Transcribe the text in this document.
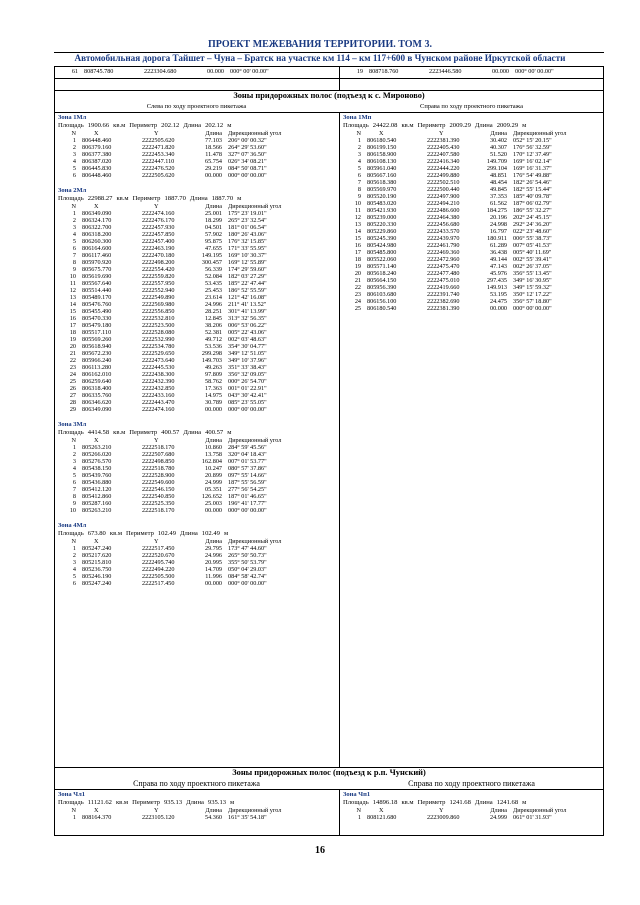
ПРОЕКТ МЕЖЕВАНИЯ ТЕРРИТОРИИ. ТОМ 3.
Автомобильная дорога Тайшет – Чуна – Братск на участке км 114 – км 117+600 в Чунском районе Иркутской области
61 808745.780	2223304.680	00.000 000° 00' 00.00"	19 808718.760	2223446.580	00.000 000° 00' 00.00"
Зоны придорожных полос (подъезд к с. Мироново)
Слева по ходу проектного пикетажа	Справа по ходу проектного пикетажа
Зона 1Мл
Площадь 1900.66 кв.м Периметр 202.12 Длина 202.12 м
N	X	Y	Длина Дирекционный угол
1 806448.460	2222505.620	77.103 206° 00' 00.32"
2 806379.160	2222471.820	18.566 264° 29' 53.60"
3 806377.380	2222453.340	11.478 327° 07' 36.50"
4 806387.020	2222447.110	65.754 026° 34' 08.21"
5 806445.830	2222476.520	29.219 084° 50' 08.71"
6 806448.460	2222505.620	00.000 000° 00' 00.00"
Зона 2Мл
Площадь 22988.27 кв.м Периметр 1887.70 Длина 1887.70 м
N	X	Y	Длина Дирекционный угол
1 806349.090	2222474.160	25.001 175° 23' 19.01"
2 806324.170	2222476.170	18.299 265° 23' 32.54"
3 806322.700	2222457.930	04.501 181° 01' 06.54"
4 806318.200	2222457.850	57.902 180° 26' 43.06"
5 806260.300	2222457.400	95.875 176° 32' 15.85"
6 806164.600	2222463.190	47.655 171° 33' 55.95"
7 806117.460	2222470.180	149.195 169° 10' 30.37"
8 805970.920	2222498.200	300.457 169° 12' 55.89"
9 805675.770	2222554.420	56.339 174° 29' 59.60"
10 805619.690	2222559.820	52.084 182° 03' 27.29"
11 805567.640	2222557.950	53.435 185° 22' 47.44"
12 805514.440	2222552.940	25.453 186° 52' 55.59"
13 805489.170	2222549.890	23.614 121° 42' 16.08"
14 805476.760	2222569.980	24.996 211° 41' 13.52"
15 805455.490	2222556.850	28.251 301° 41' 13.99"
16 805470.330	2222532.810	12.845 313° 32' 56.35"
17 805479.180	2222523.500	38.206 006° 53' 06.22"
18 805517.110	2222528.080	52.381 005° 22' 43.06"
19 805569.260	2222532.990	49.712 002° 03' 48.63"
20 805618.940	2222534.780	53.536 354° 30' 04.77"
21 805672.230	2222529.650	299.298 349° 12' 51.05"
22 805966.240	2222473.640	149.703 349° 10' 37.96"
23 806113.280	2222445.530	49.263 351° 33' 38.43"
24 806162.010	2222438.300	97.809 356° 32' 09.05"
25 806259.640	2222432.390	58.762 000° 26' 54.70"
26 806318.400	2222432.850	17.363 001° 01' 22.91"
27 806335.760	2222433.160	14.975 043° 30' 42.41"
28 806346.620	2222443.470	30.789 085° 23' 55.05"
29 806349.090	2222474.160	00.000 000° 00' 00.00"
Зона 3Мл
Площадь 4414.58 кв.м Периметр 400.57 Длина 400.57 м
N	X	Y	Длина Дирекционный угол
1 805263.210	2222518.170	10.860 284° 59' 45.56"
2 805266.020	2222507.680	13.758 320° 04' 18.43"
3 805276.570	2222498.850	162.804 007° 01' 53.77"
4 805438.150	2222518.780	10.247 080° 57' 37.86"
5 805439.760	2222528.900	20.899 097° 55' 14.66"
6 805436.880	2222549.600	24.999 187° 55' 56.59"
7 805412.120	2222546.150	05.351 277° 56' 54.25"
8 805412.860	2222540.850	126.652 187° 01' 46.65"
9 805287.160	2222525.350	25.003 196° 41' 17.77"
10 805263.210	2222518.170	00.000 000° 00' 00.00"
Зона 4Мл
Площадь 673.80 кв.м Периметр 102.49 Длина 102.49 м
N	X	Y	Длина Дирекционный угол
1 805247.240	2222517.450	29.795 173° 47' 44.60"
2 805217.620	2222520.670	24.996 265° 50' 50.73"
3 805215.810	2222495.740	20.995 355° 50' 53.79"
4 805236.750	2222494.220	14.709 050° 04' 29.03"
5 805246.190	2222505.500	11.996 084° 58' 42.74"
6 805247.240	2222517.450	00.000 000° 00' 00.00"
Зона 1Мп
Площадь 24422.08 кв.м Периметр 2009.29 Длина 2009.29 м
N	X	Y	Длина Дирекционный угол
1 806180.540	2222381.390	30.402 052° 15' 20.15"
2 806199.150	2222405.430	40.307 176° 56' 32.59"
3 806158.900	2222407.580	51.520 170° 12' 37.49"
4 806108.130	2222416.340	149.709 169° 16' 02.14"
5 805961.040	2222444.220	299.104 169° 16' 31.37"
6 805667.160	2222499.880	48.851 176° 54' 49.88"
7 805618.380	2222502.510	48.454 182° 26' 54.46"
8 805569.970	2222500.440	49.845 182° 55' 15.44"
9 805520.190	2222497.900	37.353 185° 40' 09.78"
10 805483.020	2222494.210	61.562 187° 06' 02.79"
11 805421.930	2222486.600	184.275 186° 55' 32.27"
12 805239.000	2222464.380	20.196 202° 24' 45.15"
13 805220.330	2222456.680	24.998 292° 24' 36.20"
14 805229.860	2222433.570	16.797 022° 23' 48.60"
15 805245.390	2222439.970	180.911 006° 55' 38.73"
16 805424.980	2222461.790	61.289 007° 05' 41.53"
17 805485.800	2222469.360	36.438 005° 40' 11.69"
18 805522.060	2222472.960	49.144 002° 55' 39.41"
19 805571.140	2222475.470	47.143 002° 26' 37.05"
20 805618.240	2222477.480	45.976 356° 55' 13.45"
21 805664.150	2222475.010	297.435 349° 16' 30.95"
22 805956.390	2222419.660	149.913 349° 15' 59.32"
23 806103.680	2222391.740	53.195 350° 12' 17.22"
24 806156.100	2222382.690	24.475 356° 57' 18.80"
25 806180.540	2222381.390	00.000 000° 00' 00.00"
Зоны придорожных полос (подъезд к р.п. Чунский)
Справа по ходу проектного пикетажа	Справа по ходу проектного пикетажа
Зона Чл1
Площадь 11121.62 кв.м Периметр 935.13 Длина 935.13 м
N	X	Y	Длина Дирекционный угол
1 808164.370	2223105.120	54.360 161° 35' 54.18"
Зона Чп1
Площадь 14896.18 кв.м Периметр 1241.68 Длина 1241.68 м
N	X	Y	Длина Дирекционный угол
1 808121.680	2223009.860	24.999 061° 01' 31.93"
16
